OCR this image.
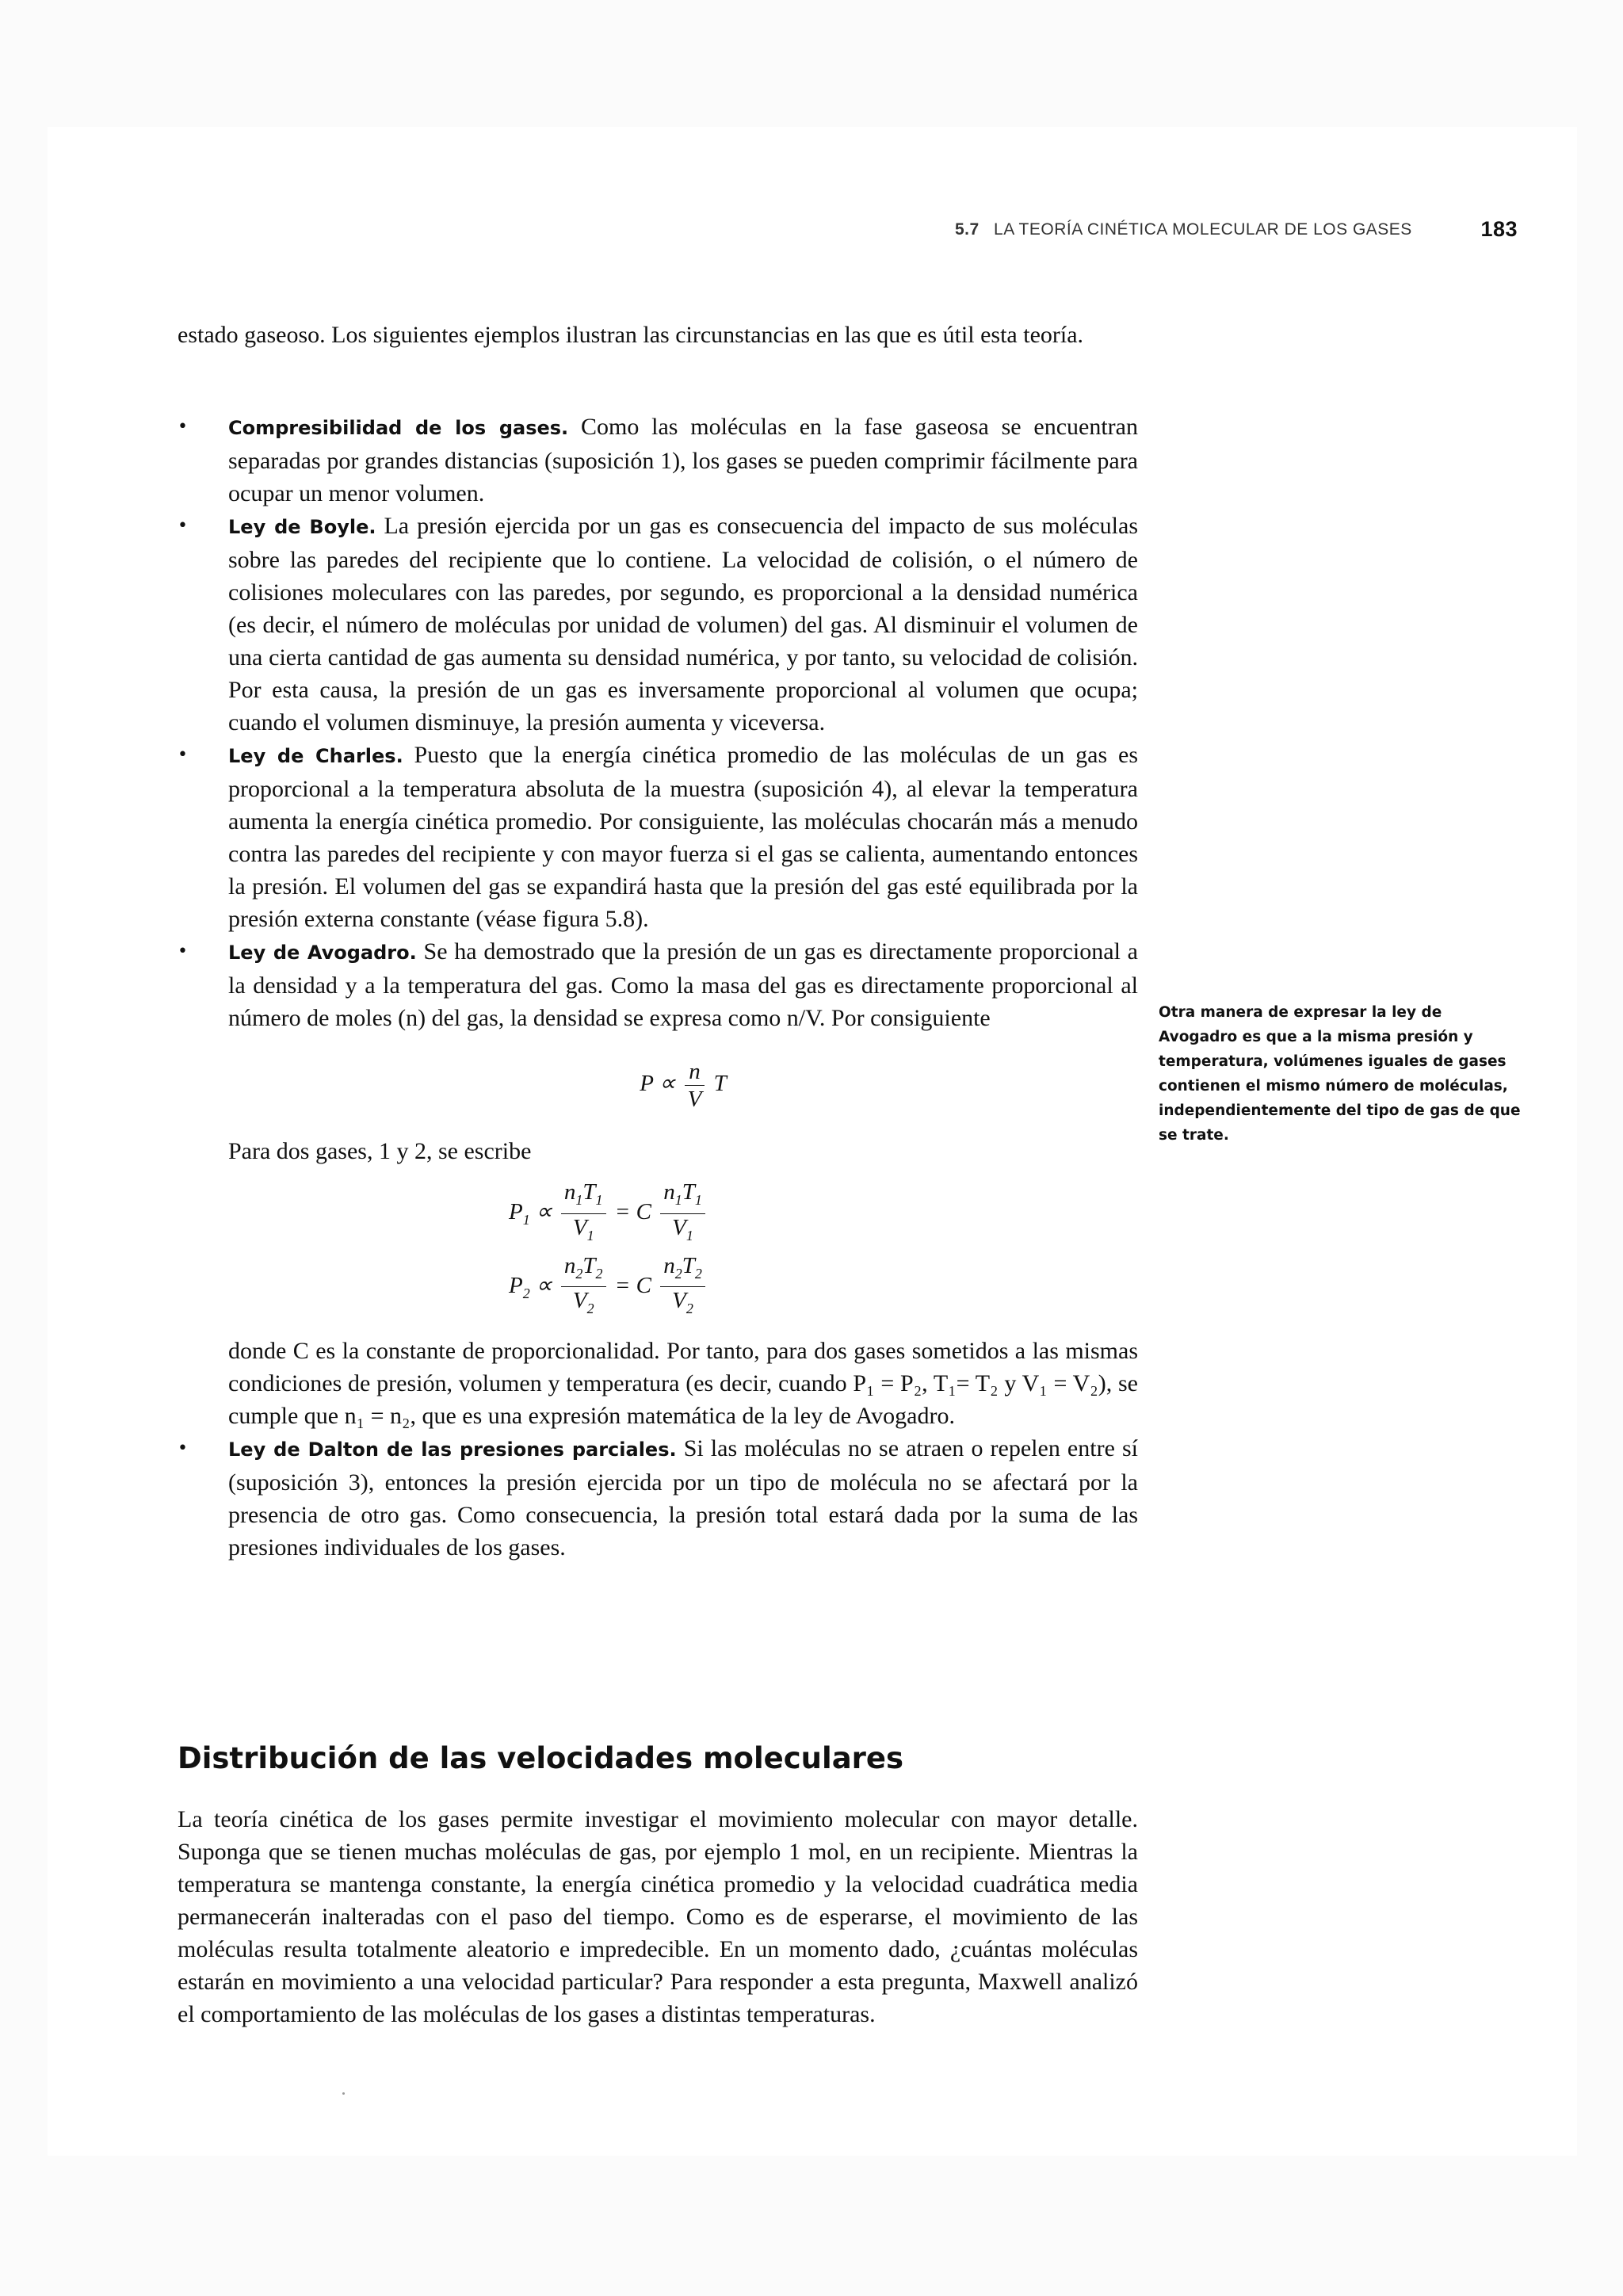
5.7 LA TEORÍA CINÉTICA MOLECULAR DE LOS GASES	183
estado gaseoso. Los siguientes ejemplos ilustran las circunstancias en las que es útil esta teoría.
• Compresibilidad de los gases. Como las moléculas en la fase gaseosa se encuentran separadas por grandes distancias (suposición 1), los gases se pueden comprimir fácilmente para ocupar un menor volumen.
• Ley de Boyle. La presión ejercida por un gas es consecuencia del impacto de sus moléculas sobre las paredes del recipiente que lo contiene. La velocidad de colisión, o el número de colisiones moleculares con las paredes, por segundo, es proporcional a la densidad numérica (es decir, el número de moléculas por unidad de volumen) del gas. Al disminuir el volumen de una cierta cantidad de gas aumenta su densidad numérica, y por tanto, su velocidad de colisión. Por esta causa, la presión de un gas es inversamente proporcional al volumen que ocupa; cuando el volumen disminuye, la presión aumenta y viceversa.
• Ley de Charles. Puesto que la energía cinética promedio de las moléculas de un gas es proporcional a la temperatura absoluta de la muestra (suposición 4), al elevar la temperatura aumenta la energía cinética promedio. Por consiguiente, las moléculas chocarán más a menudo contra las paredes del recipiente y con mayor fuerza si el gas se calienta, aumentando entonces la presión. El volumen del gas se expandirá hasta que la presión del gas esté equilibrada por la presión externa constante (véase figura 5.8).
• Ley de Avogadro. Se ha demostrado que la presión de un gas es directamente proporcional a la densidad y a la temperatura del gas. Como la masa del gas es directamente proporcional al número de moles (n) del gas, la densidad se expresa como n/V. Por consiguiente
$P \propto \frac{n}{V}$ T
Para dos gases, 1 y 2, se escribe
$P_1 \propto \frac{n_1T_1}{V_1} = C \frac{n_1T_1}{V_1}$
$P_2 \propto \frac{n_2T_2}{V_2} = C \frac{n_2T_2}{V_2}$
donde C es la constante de proporcionalidad. Por tanto, para dos gases sometidos a las mismas condiciones de presión, volumen y temperatura (es decir, cuando P₁ = P₂, T₁= T₂ y V₁ = V₂), se cumple que n₁ = n₂, que es una expresión matemática de la ley de Avogadro.
• Ley de Dalton de las presiones parciales. Si las moléculas no se atraen o repelen entre sí (suposición 3), entonces la presión ejercida por un tipo de molécula no se afectará por la presencia de otro gas. Como consecuencia, la presión total estará dada por la suma de las presiones individuales de los gases.
Otra manera de expresar la ley de Avogadro es que a la misma presión y temperatura, volúmenes iguales de gases contienen el mismo número de moléculas, independientemente del tipo de gas de que se trate.
Distribución de las velocidades moleculares
La teoría cinética de los gases permite investigar el movimiento molecular con mayor detalle. Suponga que se tienen muchas moléculas de gas, por ejemplo 1 mol, en un recipiente. Mientras la temperatura se mantenga constante, la energía cinética promedio y la velocidad cuadrática media permanecerán inalteradas con el paso del tiempo. Como es de esperarse, el movimiento de las moléculas resulta totalmente aleatorio e impredecible. En un momento dado, ¿cuántas moléculas estarán en movimiento a una velocidad particular? Para responder a esta pregunta, Maxwell analizó el comportamiento de las moléculas de los gases a distintas temperaturas.
